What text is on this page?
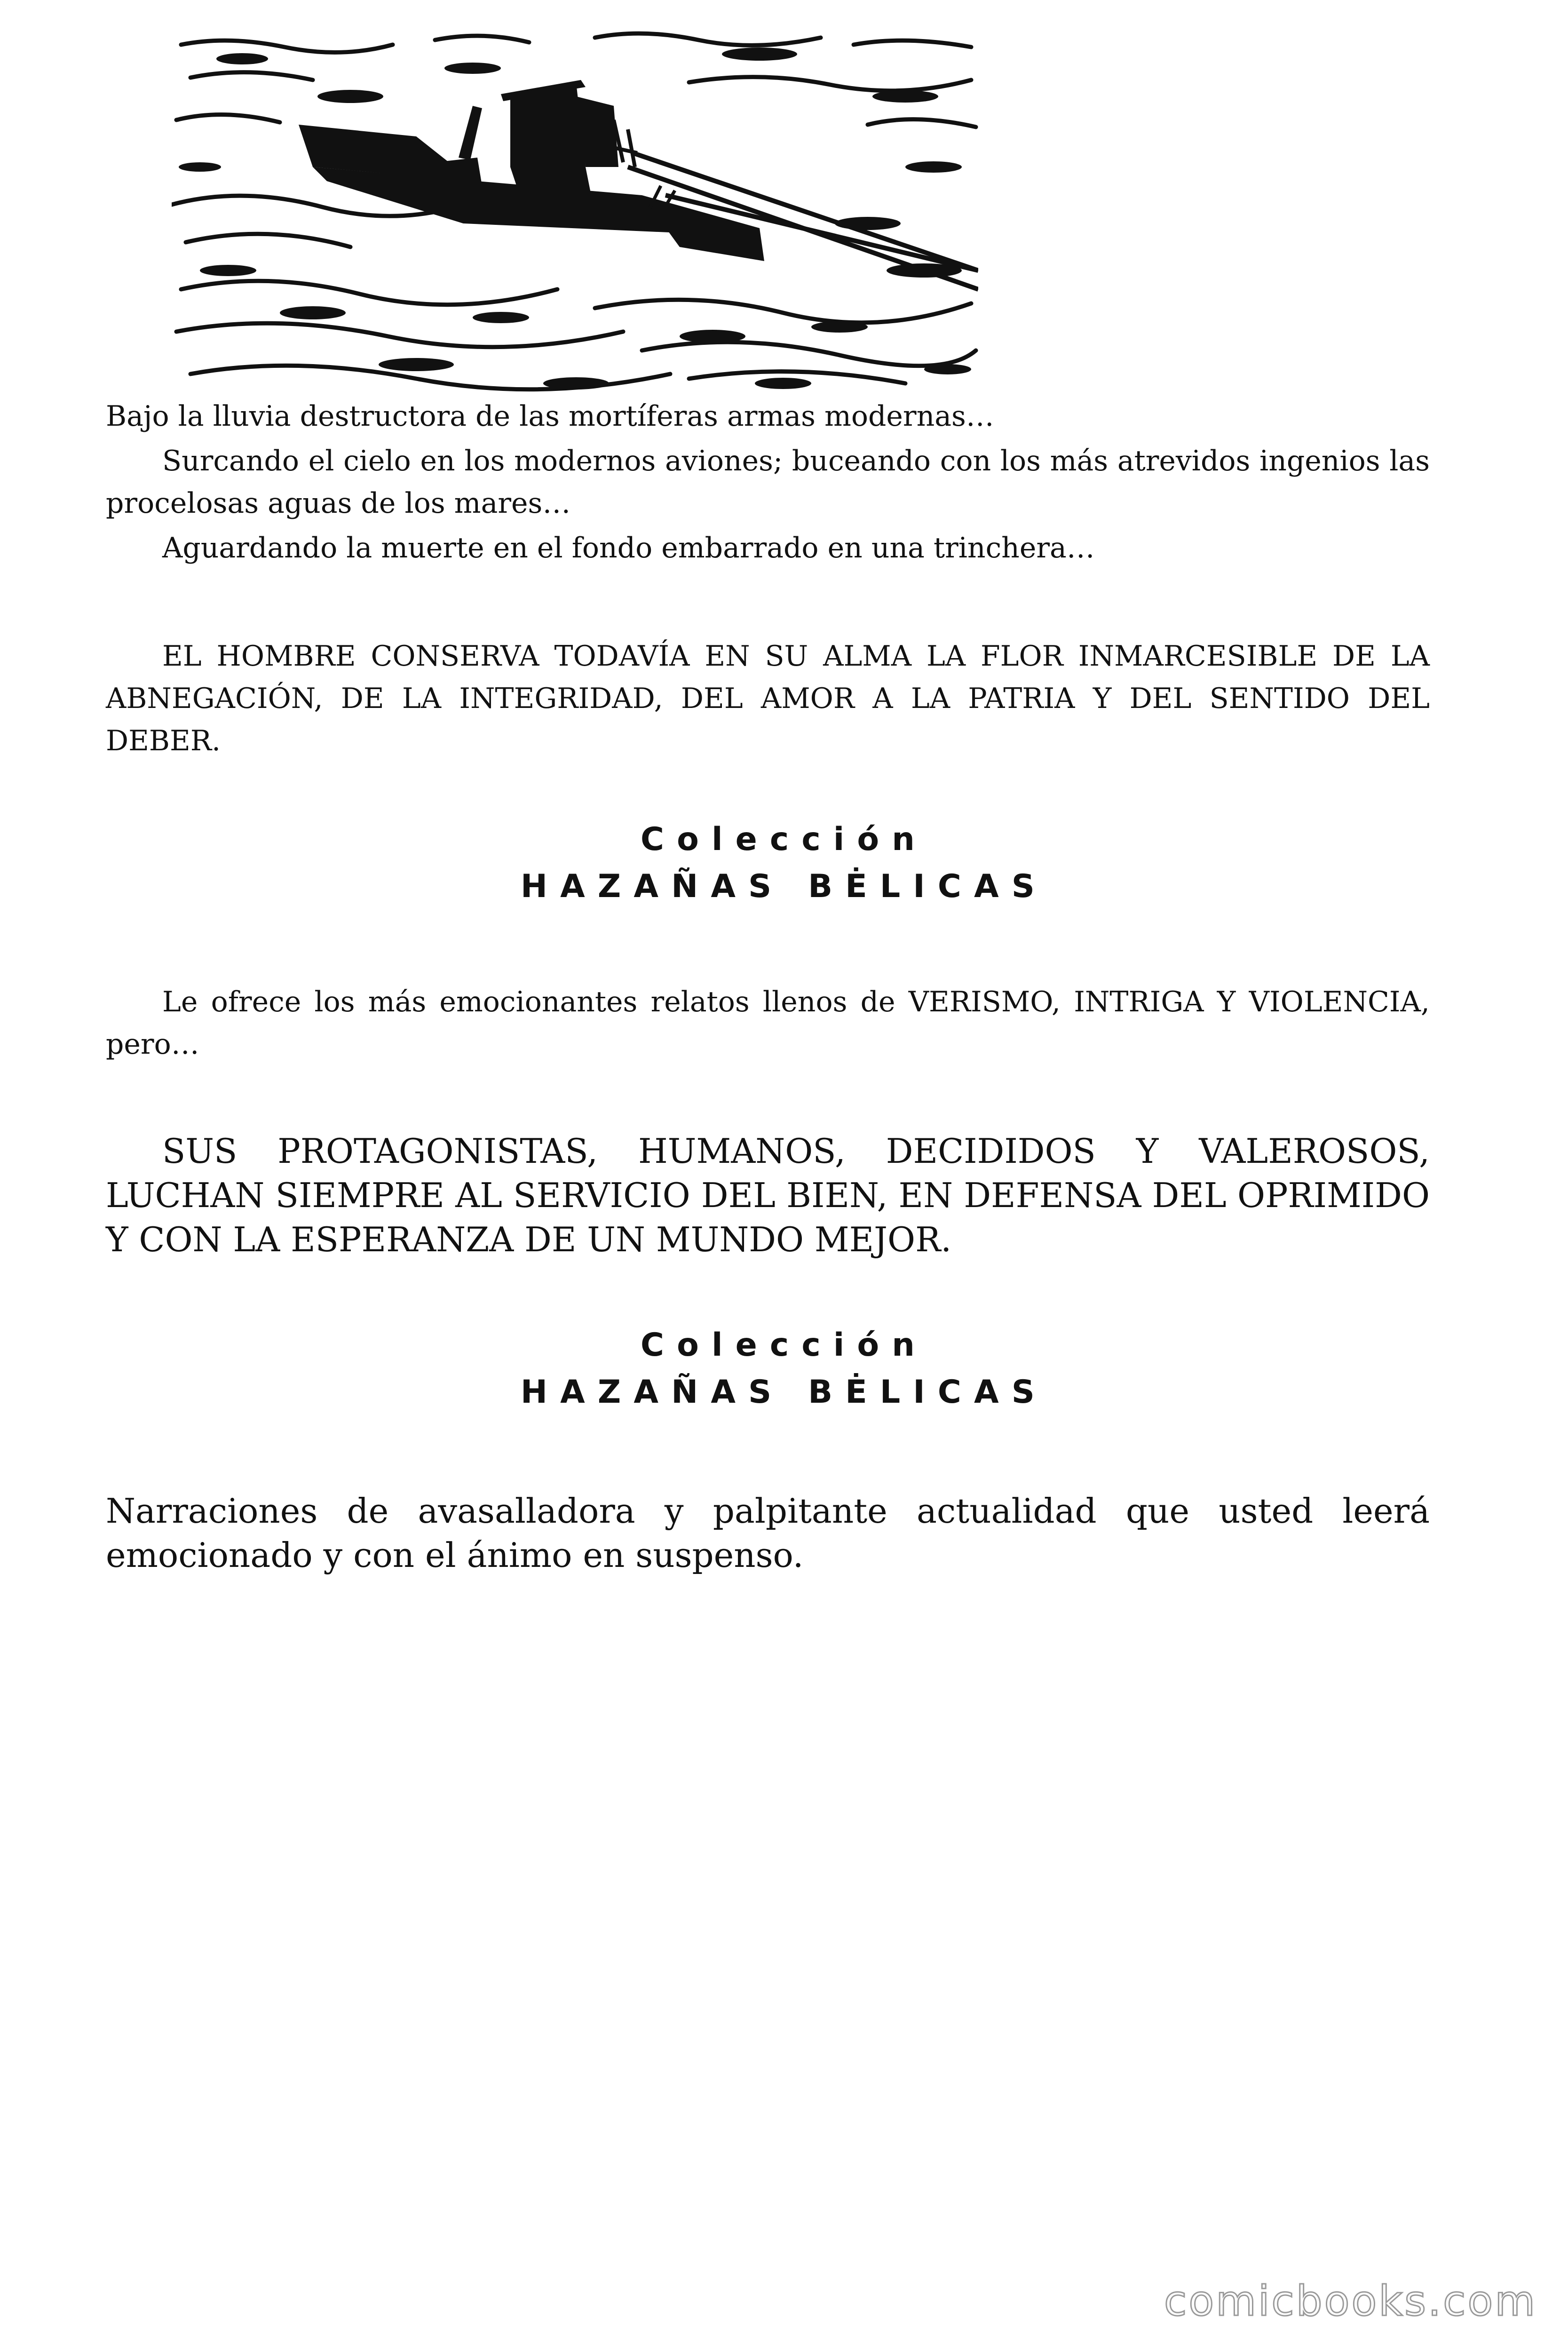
Bajo la lluvia destructora de las mortíferas armas modernas…

Surcando el cielo en los modernos aviones; buceando con los más atrevidos ingenios las procelosas aguas de los mares…

Aguardando la muerte en el fondo embarrado en una trinchera…

EL HOMBRE CONSERVA TODAVÍA EN SU ALMA LA FLOR INMARCESIBLE DE LA ABNEGACIÓN, DE LA INTEGRIDAD, DEL AMOR A LA PATRIA Y DEL SENTIDO DEL DEBER.

Colección
HAZAÑAS BĖLICAS

Le ofrece los más emocionantes relatos llenos de VERISMO, INTRIGA Y VIOLENCIA, pero…

SUS PROTAGONISTAS, HUMANOS, DECIDIDOS Y VALEROSOS, LUCHAN SIEMPRE AL SERVICIO DEL BIEN, EN DEFENSA DEL OPRIMIDO Y CON LA ESPERANZA DE UN MUNDO MEJOR.

Colección
HAZAÑAS BĖLICAS

Narraciones de avasalladora y palpitante actualidad que usted leerá emocionado y con el ánimo en suspenso.

comicbooks.com
